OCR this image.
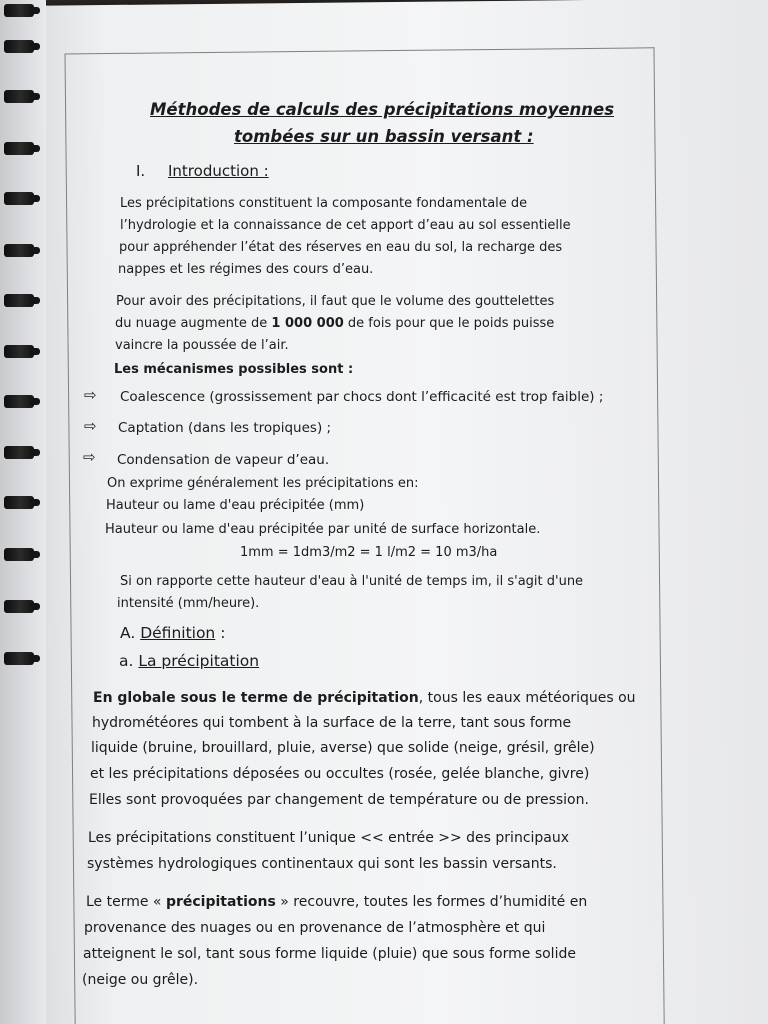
Méthodes de calculs des précipitations moyennes
tombées sur un bassin versant :
I. Introduction :
Les précipitations constituent la composante fondamentale de
l’hydrologie et la connaissance de cet apport d’eau au sol essentielle
pour appréhender l’état des réserves en eau du sol, la recharge des
nappes et les régimes des cours d’eau.
Pour avoir des précipitations, il faut que le volume des gouttelettes
du nuage augmente de 1 000 000 de fois pour que le poids puisse
vaincre la poussée de l’air.
Les mécanismes possibles sont :
⇨ Coalescence (grossissement par chocs dont l’efficacité est trop faible) ;
⇨ Captation (dans les tropiques) ;
⇨ Condensation de vapeur d’eau.
On exprime généralement les précipitations en:
Hauteur ou lame d'eau précipitée (mm)
Hauteur ou lame d'eau précipitée par unité de surface horizontale.
1mm = 1dm3/m2 = 1 l/m2 = 10 m3/ha
Si on rapporte cette hauteur d'eau à l'unité de temps im, il s'agit d'une
intensité (mm/heure).
A. Définition :
a. La précipitation
En globale sous le terme de précipitation, tous les eaux météoriques ou
hydrométéores qui tombent à la surface de la terre, tant sous forme
liquide (bruine, brouillard, pluie, averse) que solide (neige, grésil, grêle)
et les précipitations déposées ou occultes (rosée, gelée blanche, givre)
Elles sont provoquées par changement de température ou de pression.
Les précipitations constituent l’unique << entrée >> des principaux
systèmes hydrologiques continentaux qui sont les bassin versants.
Le terme « précipitations » recouvre, toutes les formes d’humidité en
provenance des nuages ou en provenance de l’atmosphère et qui
atteignent le sol, tant sous forme liquide (pluie) que sous forme solide
(neige ou grêle).
